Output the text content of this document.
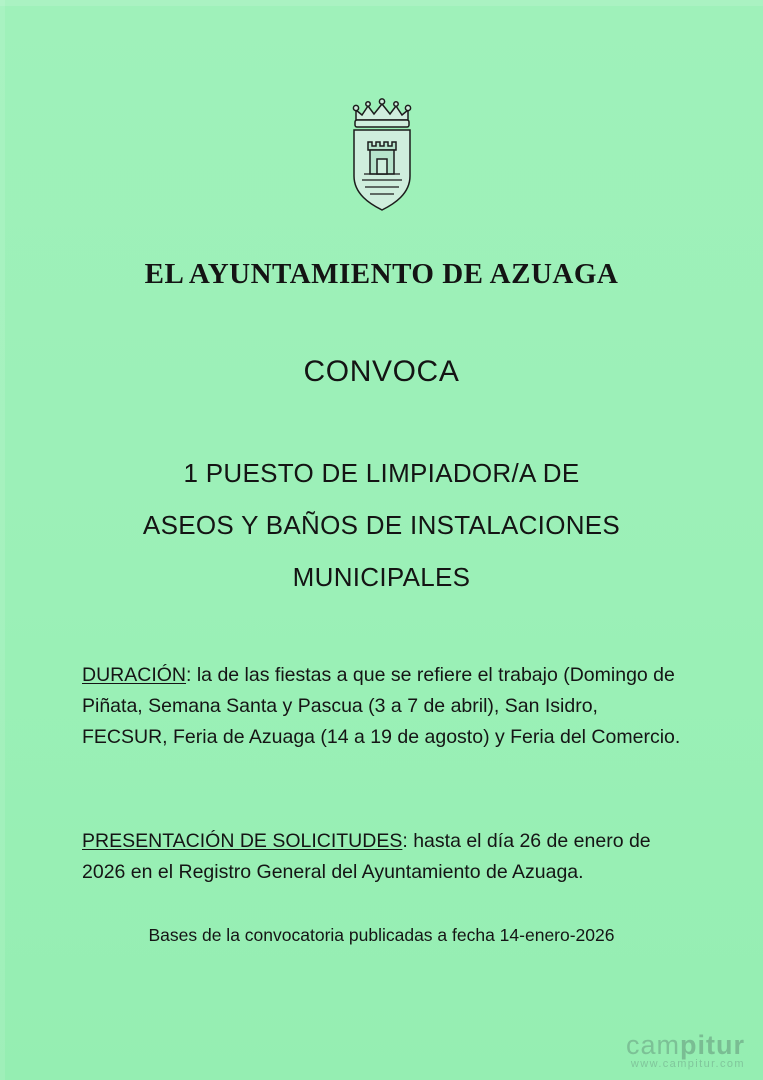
EL AYUNTAMIENTO DE AZUAGA
CONVOCA
1 PUESTO DE LIMPIADOR/A DE
ASEOS Y BAÑOS DE INSTALACIONES
MUNICIPALES

DURACIÓN: la de las fiestas a que se refiere el trabajo (Domingo de Piñata, Semana Santa y Pascua (3 a 7 de abril), San Isidro, FECSUR, Feria de Azuaga (14 a 19 de agosto) y Feria del Comercio.

PRESENTACIÓN DE SOLICITUDES: hasta el día 26 de enero de 2026 en el Registro General del Ayuntamiento de Azuaga.

Bases de la convocatoria publicadas a fecha 14-enero-2026
campitur
www.campitur.com
